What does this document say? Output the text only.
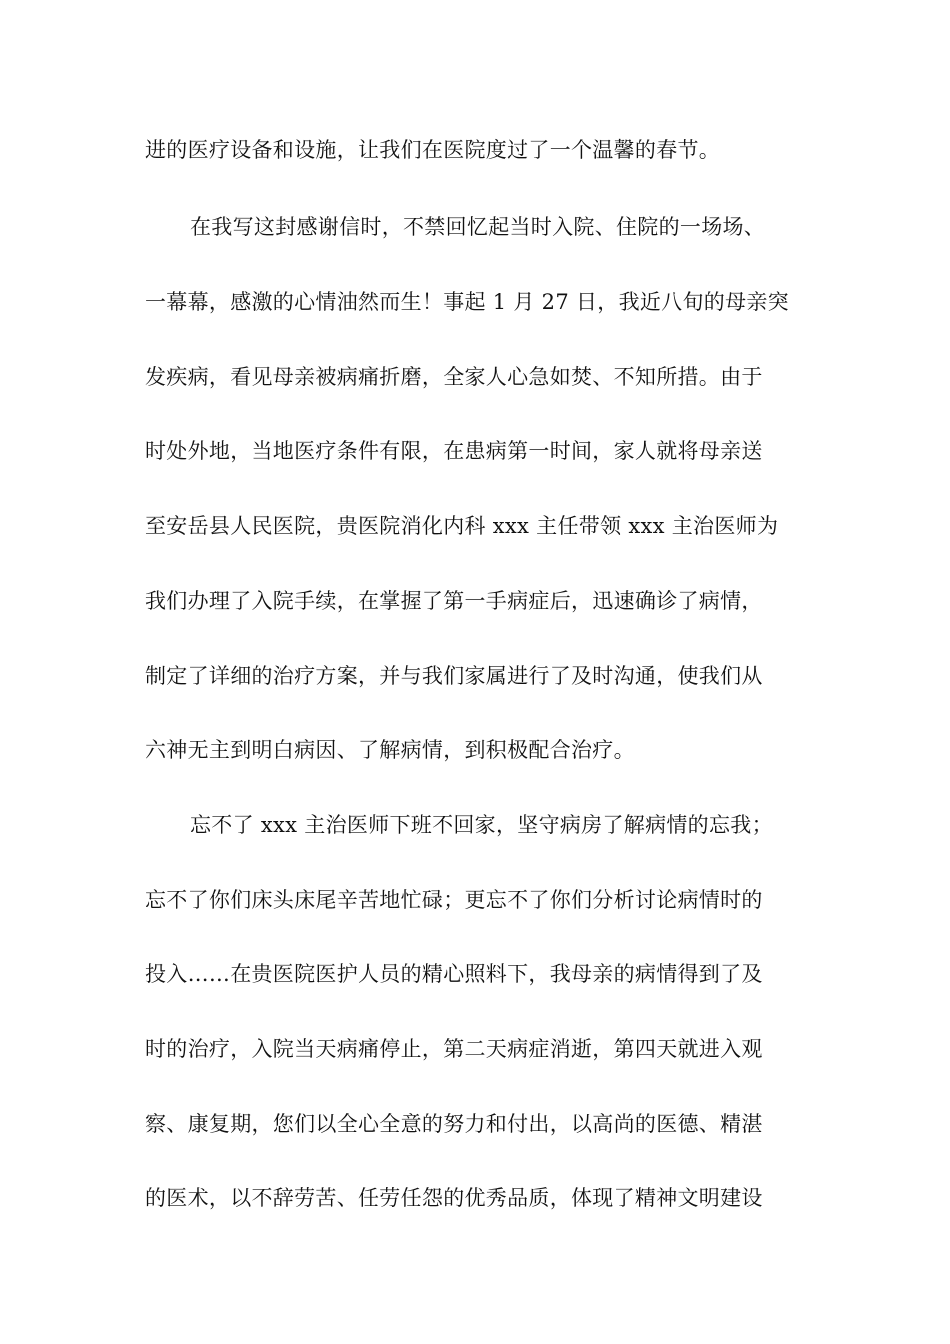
进的医疗设备和设施，让我们在医院度过了一个温馨的春节。
在我写这封感谢信时，不禁回忆起当时入院、住院的一场场、
一幕幕，感激的心情油然而生！事起 1 月 27 日，我近八旬的母亲突
发疾病，看见母亲被病痛折磨，全家人心急如焚、不知所措。由于
时处外地，当地医疗条件有限，在患病第一时间，家人就将母亲送
至安岳县人民医院，贵医院消化内科 xxx 主任带领 xxx 主治医师为
我们办理了入院手续，在掌握了第一手病症后，迅速确诊了病情，
制定了详细的治疗方案，并与我们家属进行了及时沟通，使我们从
六神无主到明白病因、了解病情，到积极配合治疗。
忘不了 xxx 主治医师下班不回家，坚守病房了解病情的忘我；
忘不了你们床头床尾辛苦地忙碌；更忘不了你们分析讨论病情时的
投入……在贵医院医护人员的精心照料下，我母亲的病情得到了及
时的治疗，入院当天病痛停止，第二天病症消逝，第四天就进入观
察、康复期，您们以全心全意的努力和付出，以高尚的医德、精湛
的医术，以不辞劳苦、任劳任怨的优秀品质，体现了精神文明建设
